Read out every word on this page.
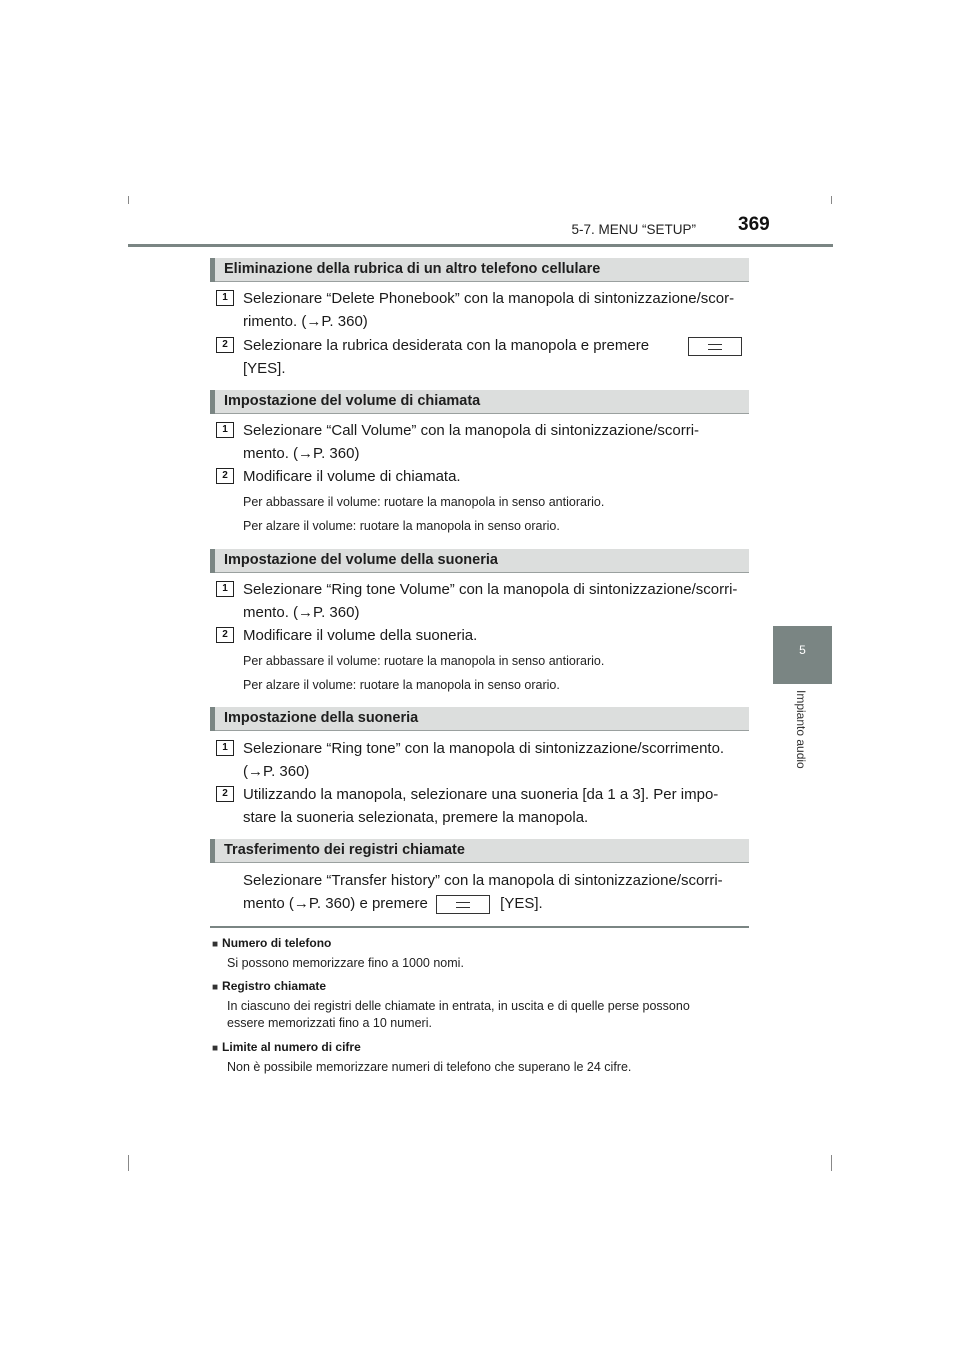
5-7. MENU “SETUP” 369
5
Impianto audio
Eliminazione della rubrica di un altro telefono cellulare
1	Selezionare “Delete Phonebook” con la manopola di sintonizzazione/scor-
rimento. (→P. 360)
2	Selezionare la rubrica desiderata con la manopola e premere
[YES].
Impostazione del volume di chiamata
1	Selezionare “Call Volume” con la manopola di sintonizzazione/scorri-
mento. (→P. 360)
2	Modificare il volume di chiamata.
Per abbassare il volume: ruotare la manopola in senso antiorario.
Per alzare il volume: ruotare la manopola in senso orario.
Impostazione del volume della suoneria
1	Selezionare “Ring tone Volume” con la manopola di sintonizzazione/scorri-
mento. (→P. 360)
2	Modificare il volume della suoneria.
Per abbassare il volume: ruotare la manopola in senso antiorario.
Per alzare il volume: ruotare la manopola in senso orario.
Impostazione della suoneria
1	Selezionare “Ring tone” con la manopola di sintonizzazione/scorrimento.
(→P. 360)
2	Utilizzando la manopola, selezionare una suoneria [da 1 a 3]. Per impo-
stare la suoneria selezionata, premere la manopola.
Trasferimento dei registri chiamate
Selezionare “Transfer history” con la manopola di sintonizzazione/scorri-
mento (→P. 360) e premere	[YES].
■ Numero di telefono
Si possono memorizzare fino a 1000 nomi.
■ Registro chiamate
In ciascuno dei registri delle chiamate in entrata, in uscita e di quelle perse possono
essere memorizzati fino a 10 numeri.
■ Limite al numero di cifre
Non è possibile memorizzare numeri di telefono che superano le 24 cifre.
